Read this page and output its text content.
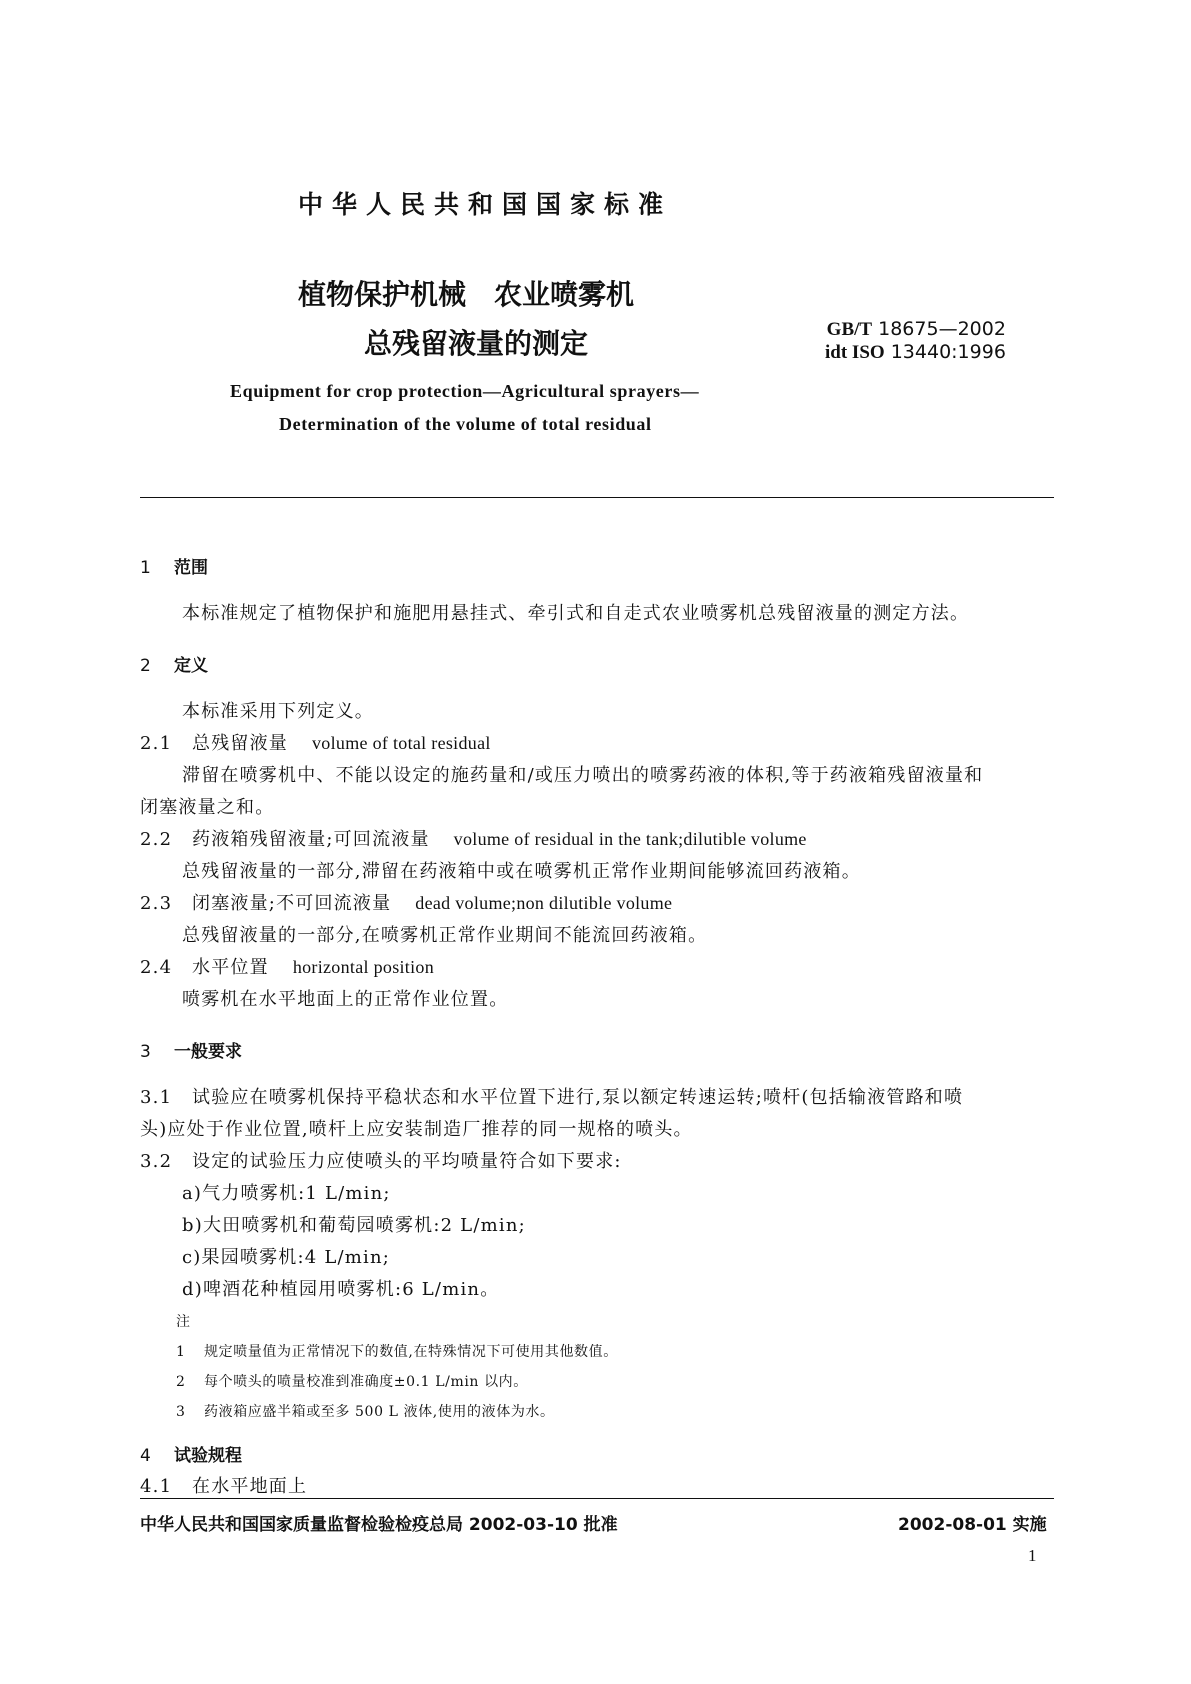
中华人民共和国国家标准
植物保护机械 农业喷雾机
总残留液量的测定	GB/T 18675—2002
idt ISO 13440:1996
Equipment for crop protection—Agricultural sprayers—
Determination of the volume of total residual
1 范围
本标准规定了植物保护和施肥用悬挂式、牵引式和自走式农业喷雾机总残留液量的测定方法。
2 定义
本标准采用下列定义。
2.1 总残留液量 volume of total residual
滞留在喷雾机中、不能以设定的施药量和/或压力喷出的喷雾药液的体积,等于药液箱残留液量和
闭塞液量之和。
2.2 药液箱残留液量;可回流液量 volume of residual in the tank;dilutible volume
总残留液量的一部分,滞留在药液箱中或在喷雾机正常作业期间能够流回药液箱。
2.3 闭塞液量;不可回流液量 dead volume;non dilutible volume
总残留液量的一部分,在喷雾机正常作业期间不能流回药液箱。
2.4 水平位置 horizontal position
喷雾机在水平地面上的正常作业位置。
3 一般要求
3.1 试验应在喷雾机保持平稳状态和水平位置下进行,泵以额定转速运转;喷杆(包括输液管路和喷
头)应处于作业位置,喷杆上应安装制造厂推荐的同一规格的喷头。
3.2 设定的试验压力应使喷头的平均喷量符合如下要求:
a)气力喷雾机:1 L/min;
b)大田喷雾机和葡萄园喷雾机:2 L/min;
c)果园喷雾机:4 L/min;
d)啤酒花种植园用喷雾机:6 L/min。
注
1 规定喷量值为正常情况下的数值,在特殊情况下可使用其他数值。
2 每个喷头的喷量校准到准确度±0.1 L/min 以内。
3 药液箱应盛半箱或至多 500 L 液体,使用的液体为水。
4 试验规程
4.1 在水平地面上
中华人民共和国国家质量监督检验检疫总局 2002-03-10 批准	2002-08-01 实施
1
